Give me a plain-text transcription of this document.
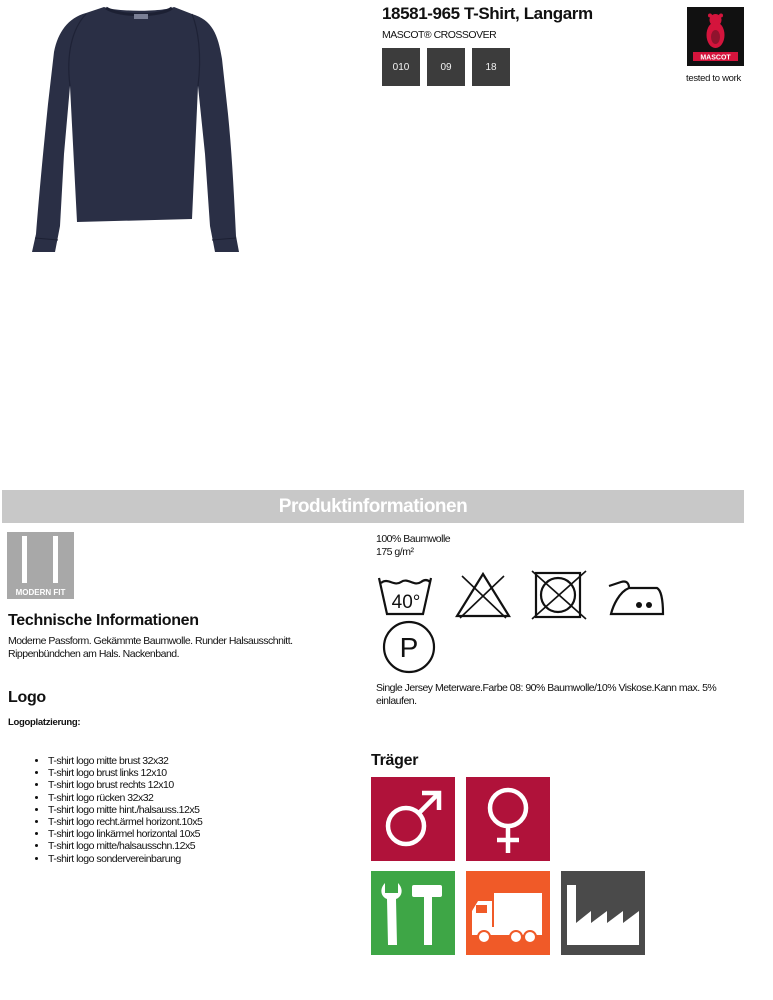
18581-965 T-Shirt, Langarm
MASCOT® CROSSOVER
010	09	18
MASCOT
tested to work
Produktinformationen
MODERN FIT
Technische Informationen
Moderne Passform. Gekämmte Baumwolle. Runder Halsausschnitt. Rippenbündchen am Hals. Nackenband.
Logo
Logoplatzierung:
• T-shirt logo mitte brust 32x32
• T-shirt logo brust links 12x10
• T-shirt logo brust rechts 12x10
• T-shirt logo rücken 32x32
• T-shirt logo mitte hint./halsauss.12x5
• T-shirt logo recht.ärmel horizont.10x5
• T-shirt logo linkärmel horizontal 10x5
• T-shirt logo mitte/halsausschn.12x5
• T-shirt logo sondervereinbarung
100% Baumwolle
175 g/m²
40°
P
Single Jersey Meterware.Farbe 08: 90% Baumwolle/10% Viskose.Kann max. 5% einlaufen.
Träger
